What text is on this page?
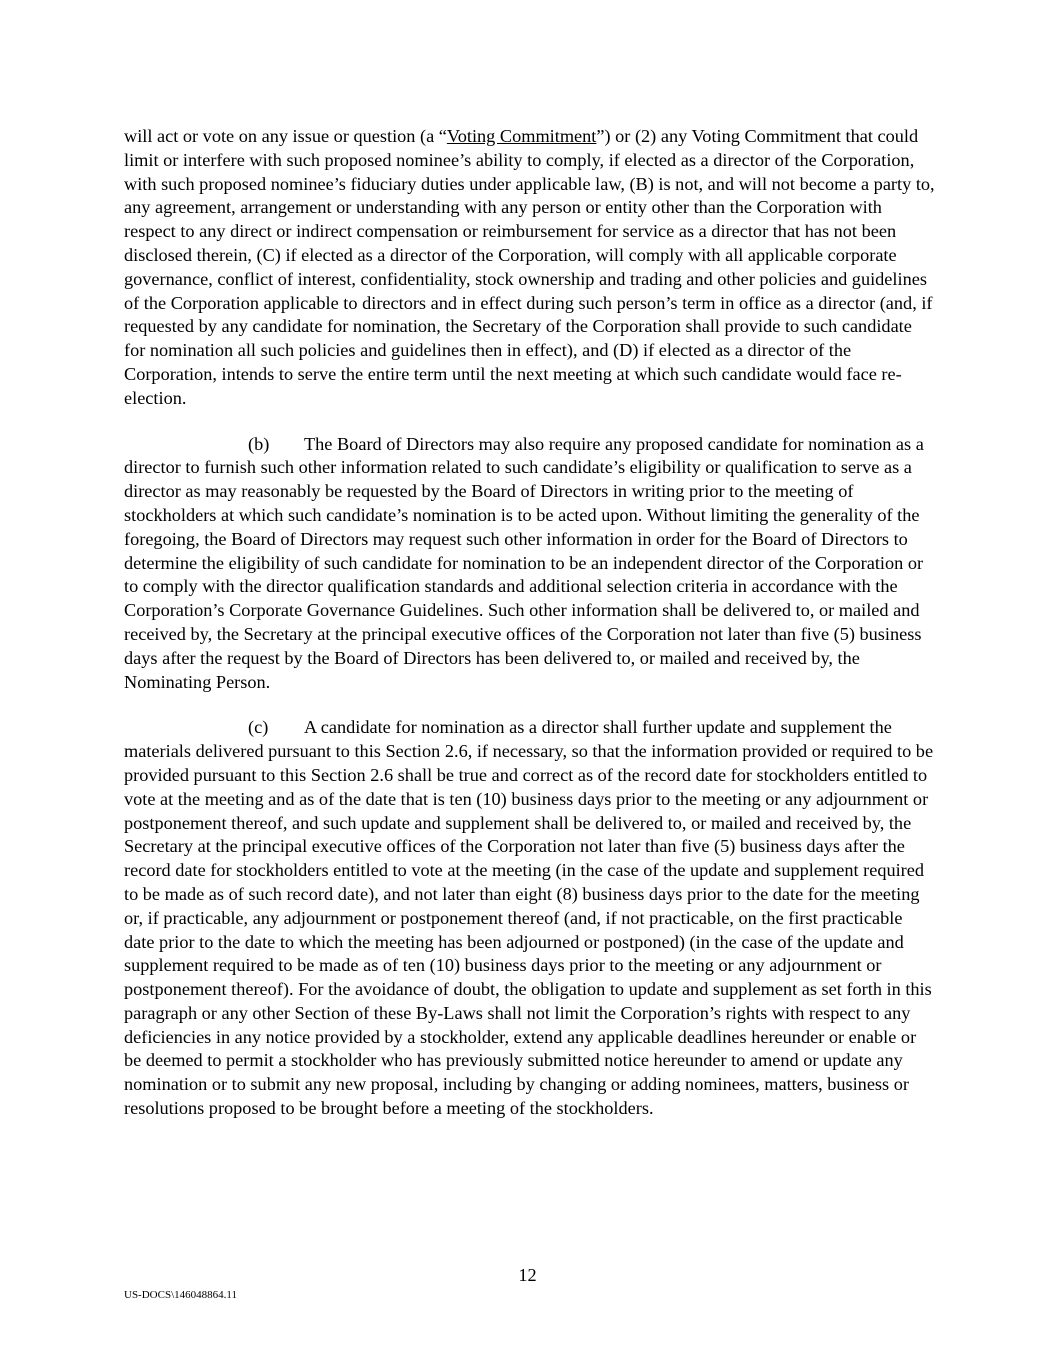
will act or vote on any issue or question (a “Voting Commitment”) or (2) any Voting Commitment that could limit or interfere with such proposed nominee’s ability to comply, if elected as a director of the Corporation, with such proposed nominee’s fiduciary duties under applicable law, (B) is not, and will not become a party to, any agreement, arrangement or understanding with any person or entity other than the Corporation with respect to any direct or indirect compensation or reimbursement for service as a director that has not been disclosed therein, (C) if elected as a director of the Corporation, will comply with all applicable corporate governance, conflict of interest, confidentiality, stock ownership and trading and other policies and guidelines of the Corporation applicable to directors and in effect during such person’s term in office as a director (and, if requested by any candidate for nomination, the Secretary of the Corporation shall provide to such candidate for nomination all such policies and guidelines then in effect), and (D) if elected as a director of the Corporation, intends to serve the entire term until the next meeting at which such candidate would face re-election.

(b) The Board of Directors may also require any proposed candidate for nomination as a director to furnish such other information related to such candidate’s eligibility or qualification to serve as a director as may reasonably be requested by the Board of Directors in writing prior to the meeting of stockholders at which such candidate’s nomination is to be acted upon. Without limiting the generality of the foregoing, the Board of Directors may request such other information in order for the Board of Directors to determine the eligibility of such candidate for nomination to be an independent director of the Corporation or to comply with the director qualification standards and additional selection criteria in accordance with the Corporation’s Corporate Governance Guidelines. Such other information shall be delivered to, or mailed and received by, the Secretary at the principal executive offices of the Corporation not later than five (5) business days after the request by the Board of Directors has been delivered to, or mailed and received by, the Nominating Person.

(c) A candidate for nomination as a director shall further update and supplement the materials delivered pursuant to this Section 2.6, if necessary, so that the information provided or required to be provided pursuant to this Section 2.6 shall be true and correct as of the record date for stockholders entitled to vote at the meeting and as of the date that is ten (10) business days prior to the meeting or any adjournment or postponement thereof, and such update and supplement shall be delivered to, or mailed and received by, the Secretary at the principal executive offices of the Corporation not later than five (5) business days after the record date for stockholders entitled to vote at the meeting (in the case of the update and supplement required to be made as of such record date), and not later than eight (8) business days prior to the date for the meeting or, if practicable, any adjournment or postponement thereof (and, if not practicable, on the first practicable date prior to the date to which the meeting has been adjourned or postponed) (in the case of the update and supplement required to be made as of ten (10) business days prior to the meeting or any adjournment or postponement thereof). For the avoidance of doubt, the obligation to update and supplement as set forth in this paragraph or any other Section of these By-Laws shall not limit the Corporation’s rights with respect to any deficiencies in any notice provided by a stockholder, extend any applicable deadlines hereunder or enable or be deemed to permit a stockholder who has previously submitted notice hereunder to amend or update any nomination or to submit any new proposal, including by changing or adding nominees, matters, business or resolutions proposed to be brought before a meeting of the stockholders.

12
US-DOCS\146048864.11
